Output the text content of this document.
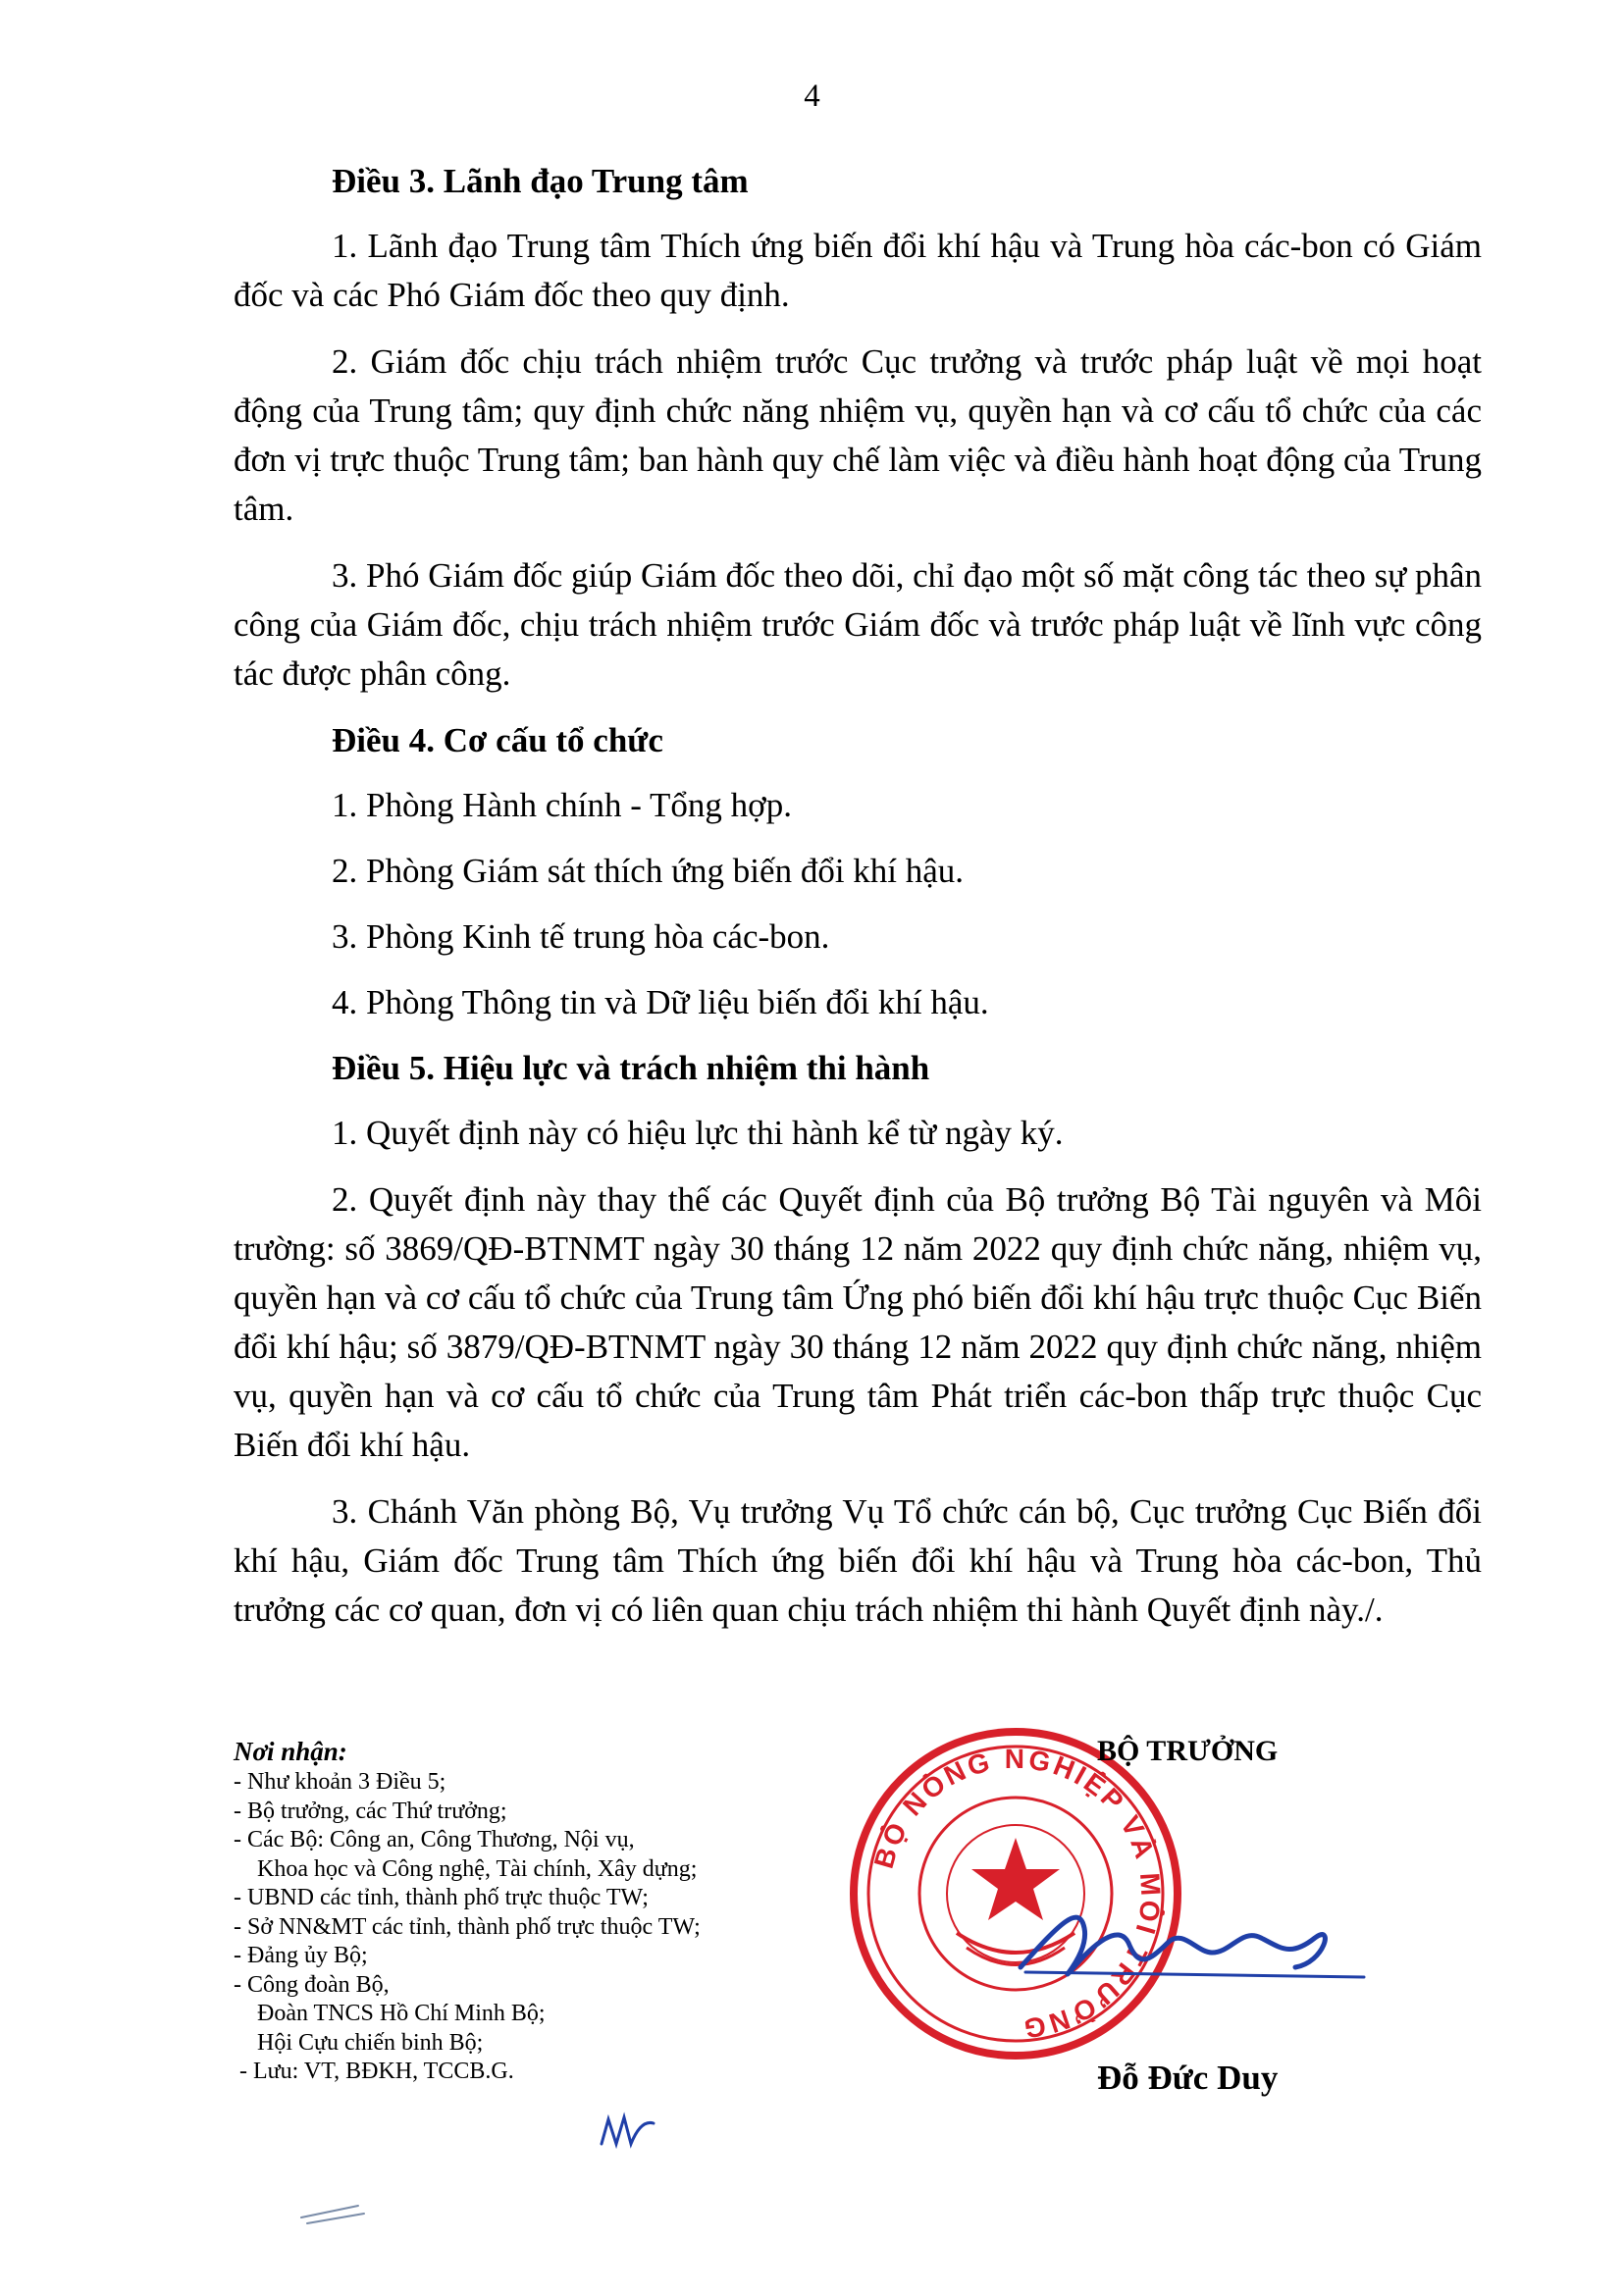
4
Điều 3. Lãnh đạo Trung tâm
1. Lãnh đạo Trung tâm Thích ứng biến đổi khí hậu và Trung hòa các-bon có Giám đốc và các Phó Giám đốc theo quy định.
2. Giám đốc chịu trách nhiệm trước Cục trưởng và trước pháp luật về mọi hoạt động của Trung tâm; quy định chức năng nhiệm vụ, quyền hạn và cơ cấu tổ chức của các đơn vị trực thuộc Trung tâm; ban hành quy chế làm việc và điều hành hoạt động của Trung tâm.
3. Phó Giám đốc giúp Giám đốc theo dõi, chỉ đạo một số mặt công tác theo sự phân công của Giám đốc, chịu trách nhiệm trước Giám đốc và trước pháp luật về lĩnh vực công tác được phân công.
Điều 4. Cơ cấu tổ chức
1. Phòng Hành chính - Tổng hợp.
2. Phòng Giám sát thích ứng biến đổi khí hậu.
3. Phòng Kinh tế trung hòa các-bon.
4. Phòng Thông tin và Dữ liệu biến đổi khí hậu.
Điều 5. Hiệu lực và trách nhiệm thi hành
1. Quyết định này có hiệu lực thi hành kể từ ngày ký.
2. Quyết định này thay thế các Quyết định của Bộ trưởng Bộ Tài nguyên và Môi trường: số 3869/QĐ-BTNMT ngày 30 tháng 12 năm 2022 quy định chức năng, nhiệm vụ, quyền hạn và cơ cấu tổ chức của Trung tâm Ứng phó biến đổi khí hậu trực thuộc Cục Biến đổi khí hậu; số 3879/QĐ-BTNMT ngày 30 tháng 12 năm 2022 quy định chức năng, nhiệm vụ, quyền hạn và cơ cấu tổ chức của Trung tâm Phát triển các-bon thấp trực thuộc Cục Biến đổi khí hậu.
3. Chánh Văn phòng Bộ, Vụ trưởng Vụ Tổ chức cán bộ, Cục trưởng Cục Biến đổi khí hậu, Giám đốc Trung tâm Thích ứng biến đổi khí hậu và Trung hòa các-bon, Thủ trưởng các cơ quan, đơn vị có liên quan chịu trách nhiệm thi hành Quyết định này./.
Nơi nhận:
- Như khoản 3 Điều 5;
- Bộ trưởng, các Thứ trưởng;
- Các Bộ: Công an, Công Thương, Nội vụ,
Khoa học và Công nghệ, Tài chính, Xây dựng;
- UBND các tỉnh, thành phố trực thuộc TW;
- Sở NN&MT các tỉnh, thành phố trực thuộc TW;
- Đảng ủy Bộ;
- Công đoàn Bộ,
Đoàn TNCS Hồ Chí Minh Bộ;
Hội Cựu chiến binh Bộ;
- Lưu: VT, BĐKH, TCCB.G.
BỘ NÔNG NGHIỆP VÀ MÔI TRƯỜNG
BỘ TRƯỞNG
Đỗ Đức Duy
